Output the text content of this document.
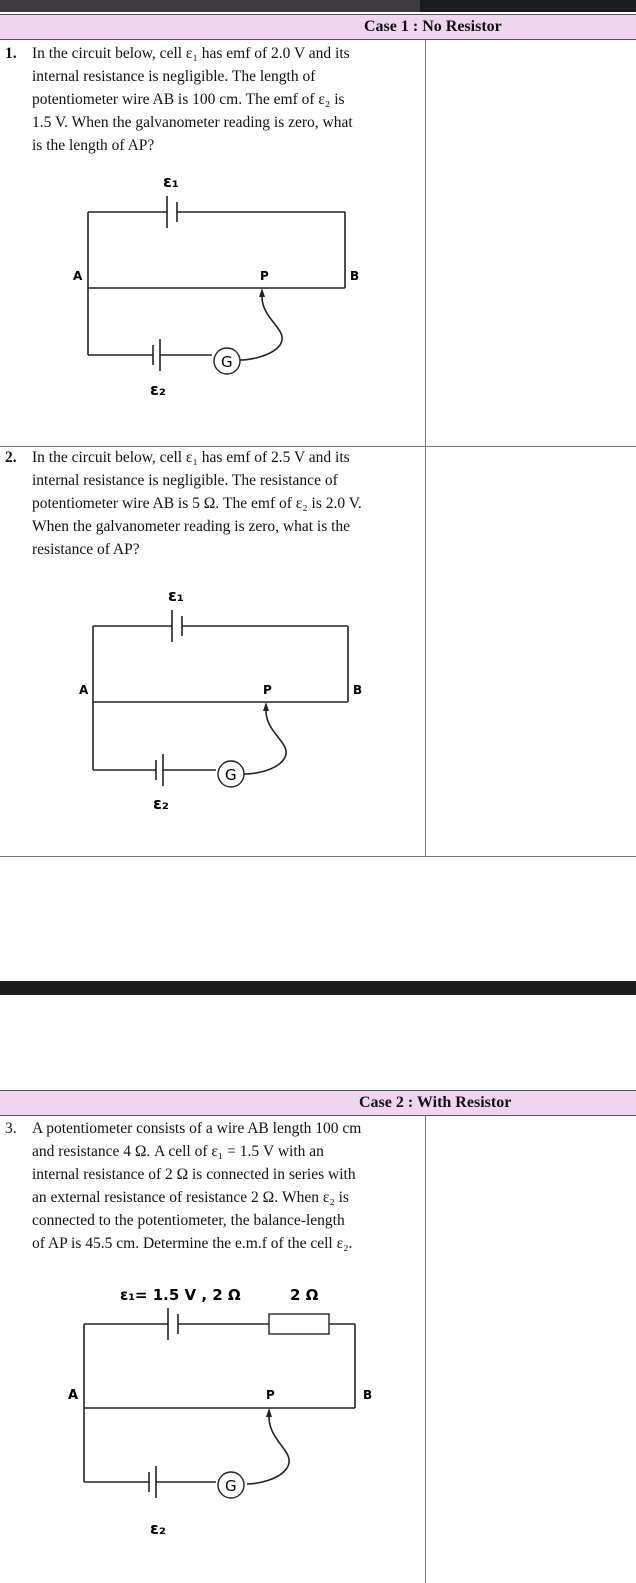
Case 1 : No Resistor
1. In the circuit below, cell ε₁ has emf of 2.0 V and its
internal resistance is negligible. The length of
potentiometer wire AB is 100 cm. The emf of ε₂ is
1.5 V. When the galvanometer reading is zero, what
is the length of AP?
ε₁
A	P	B
G
ε₂
2. In the circuit below, cell ε₁ has emf of 2.5 V and its
internal resistance is negligible. The resistance of
potentiometer wire AB is 5 Ω. The emf of ε₂ is 2.0 V.
When the galvanometer reading is zero, what is the
resistance of AP?
ε₁
A	P	B
G
ε₂
Case 2 : With Resistor
3. A potentiometer consists of a wire AB length 100 cm
and resistance 4 Ω. A cell of ε₁ = 1.5 V with an
internal resistance of 2 Ω is connected in series with
an external resistance of resistance 2 Ω. When ε₂ is
connected to the potentiometer, the balance-length
of AP is 45.5 cm. Determine the e.m.f of the cell ε₂.
ε₁= 1.5 V , 2 Ω	2 Ω
A	P	B
G
ε₂
